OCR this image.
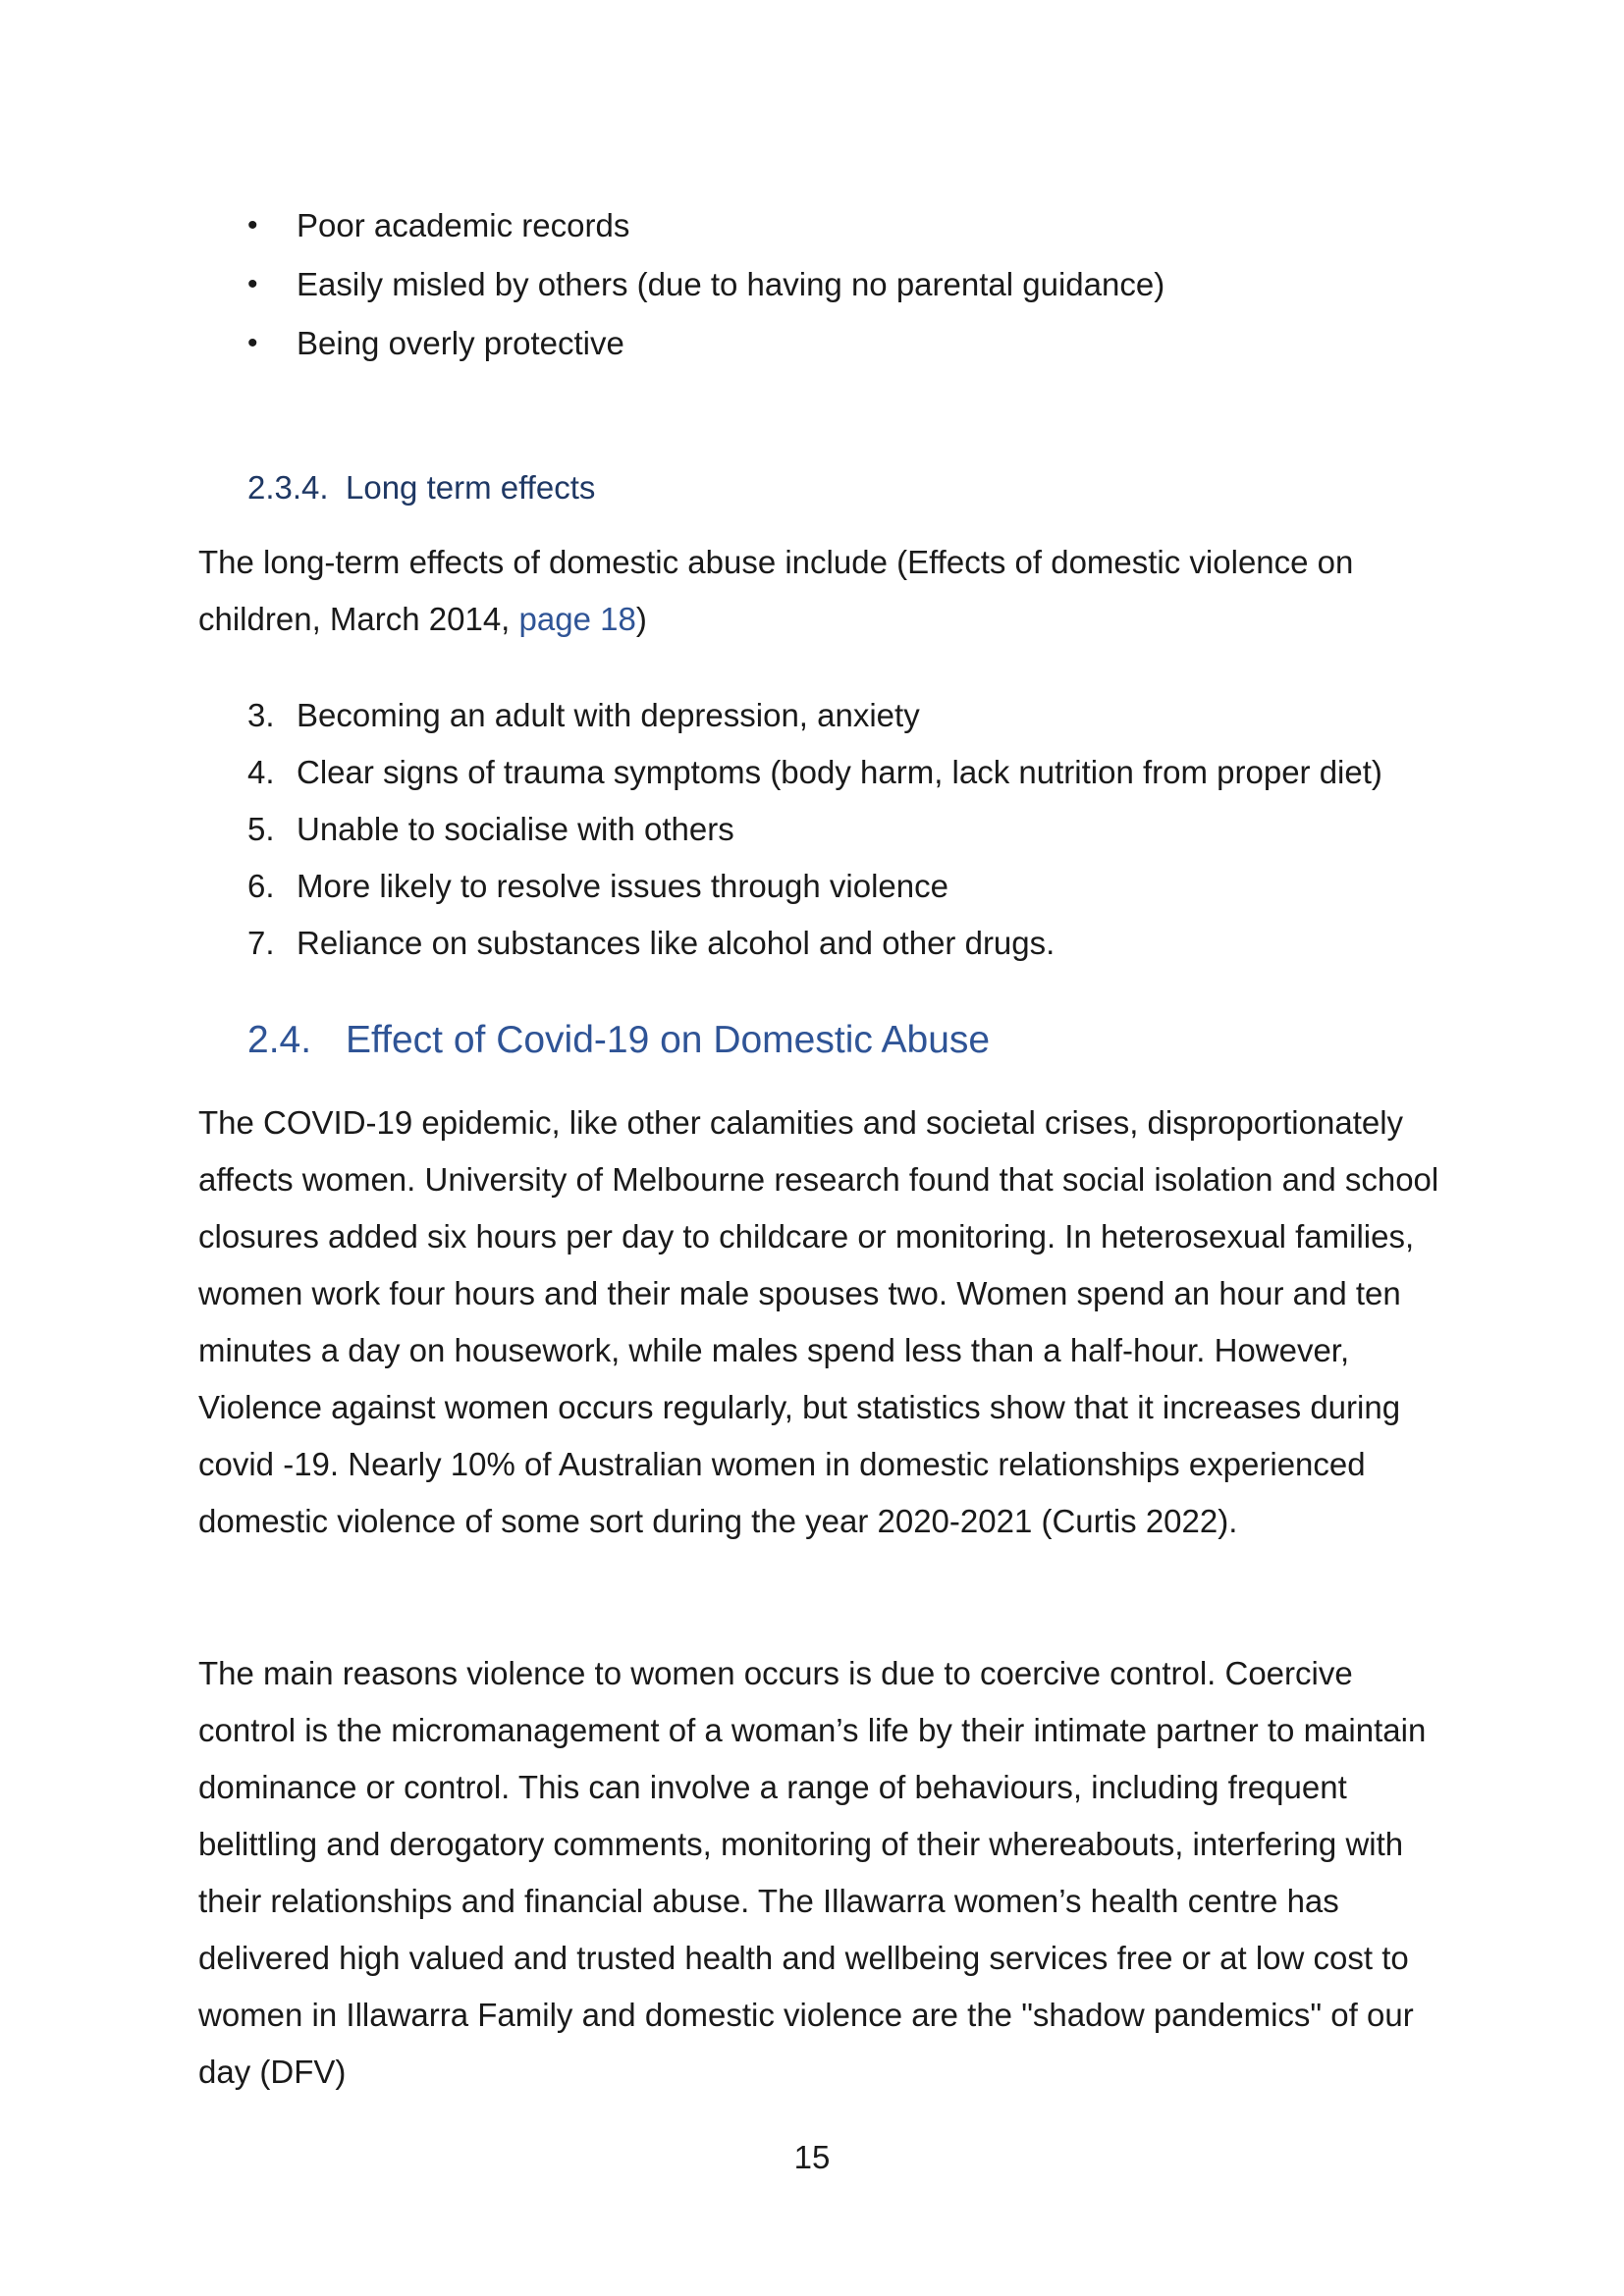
•	Poor academic records
•	Easily misled by others (due to having no parental guidance)
•	Being overly protective
2.3.4. Long term effects

The long-term effects of domestic abuse include (Effects of domestic violence on children, March 2014, page 18)

3. Becoming an adult with depression, anxiety
4. Clear signs of trauma symptoms (body harm, lack nutrition from proper diet)
5. Unable to socialise with others
6. More likely to resolve issues through violence
7. Reliance on substances like alcohol and other drugs.
2.4. Effect of Covid-19 on Domestic Abuse

The COVID-19 epidemic, like other calamities and societal crises, disproportionately affects women. University of Melbourne research found that social isolation and school closures added six hours per day to childcare or monitoring. In heterosexual families, women work four hours and their male spouses two. Women spend an hour and ten minutes a day on housework, while males spend less than a half-hour. However, Violence against women occurs regularly, but statistics show that it increases during covid -19. Nearly 10% of Australian women in domestic relationships experienced domestic violence of some sort during the year 2020-2021 (Curtis 2022).

The main reasons violence to women occurs is due to coercive control. Coercive control is the micromanagement of a woman’s life by their intimate partner to maintain dominance or control. This can involve a range of behaviours, including frequent belittling and derogatory comments, monitoring of their whereabouts, interfering with their relationships and financial abuse. The Illawarra women’s health centre has delivered high valued and trusted health and wellbeing services free or at low cost to women in Illawarra Family and domestic violence are the "shadow pandemics" of our day (DFV)

15
